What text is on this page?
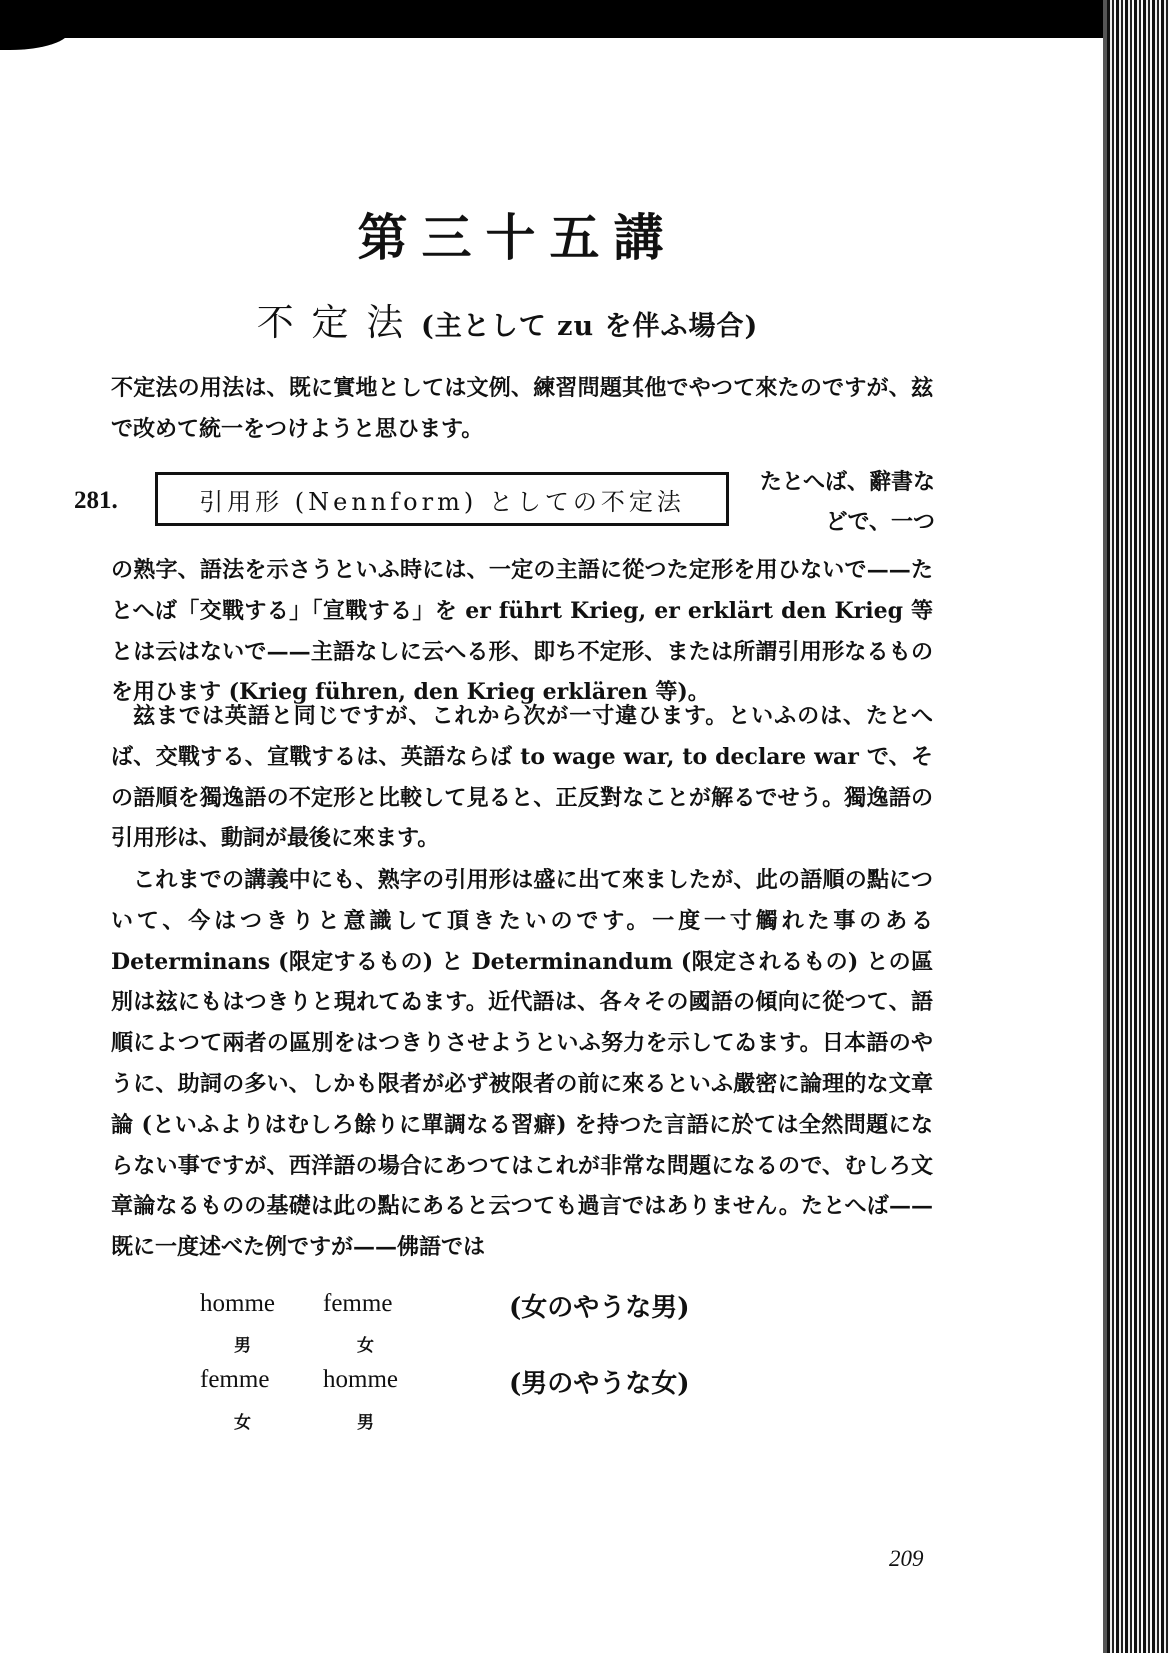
第三十五講
不 定 法 (主として zu を伴ふ場合)

不定法の用法は、既に實地としては文例、練習問題其他でやつて來たのですが、玆で改めて統一をつけようと思ひます。

281.	引用形 (Nennform) としての不定法
たとへば、辭書などで、一つ

の熟字、語法を示さうといふ時には、一定の主語に從つた定形を用ひないで——たとへば「交戰する」「宣戰する」を er führt Krieg, er erklärt den Krieg 等とは云はないで——主語なしに云へる形、即ち不定形、または所謂引用形なるものを用ひます (Krieg führen, den Krieg erklären 等)。

玆までは英語と同じですが、これから次が一寸違ひます。といふのは、たとへば、交戰する、宣戰するは、英語ならば to wage war, to declare war で、その語順を獨逸語の不定形と比較して見ると、正反對なことが解るでせう。獨逸語の引用形は、動詞が最後に來ます。

これまでの講義中にも、熟字の引用形は盛に出て來ましたが、此の語順の點について、今はつきりと意識して頂きたいのです。一度一寸觸れた事のある Determinans (限定するもの) と Determinandum (限定されるもの) との區別は玆にもはつきりと現れてゐます。近代語は、各々その國語の傾向に從つて、語順によつて兩者の區別をはつきりさせようといふ努力を示してゐます。日本語のやうに、助詞の多い、しかも限者が必ず被限者の前に來るといふ嚴密に論理的な文章論 (といふよりはむしろ餘りに單調なる習癖) を持つた言語に於ては全然問題にならない事ですが、西洋語の場合にあつてはこれが非常な問題になるので、むしろ文章論なるものの基礎は此の點にあると云つても過言ではありません。たとへば——既に一度述べた例ですが——佛語では

homme
男
femme
女
(女のやうな男)
femme
女
homme
男
(男のやうな女)
209
